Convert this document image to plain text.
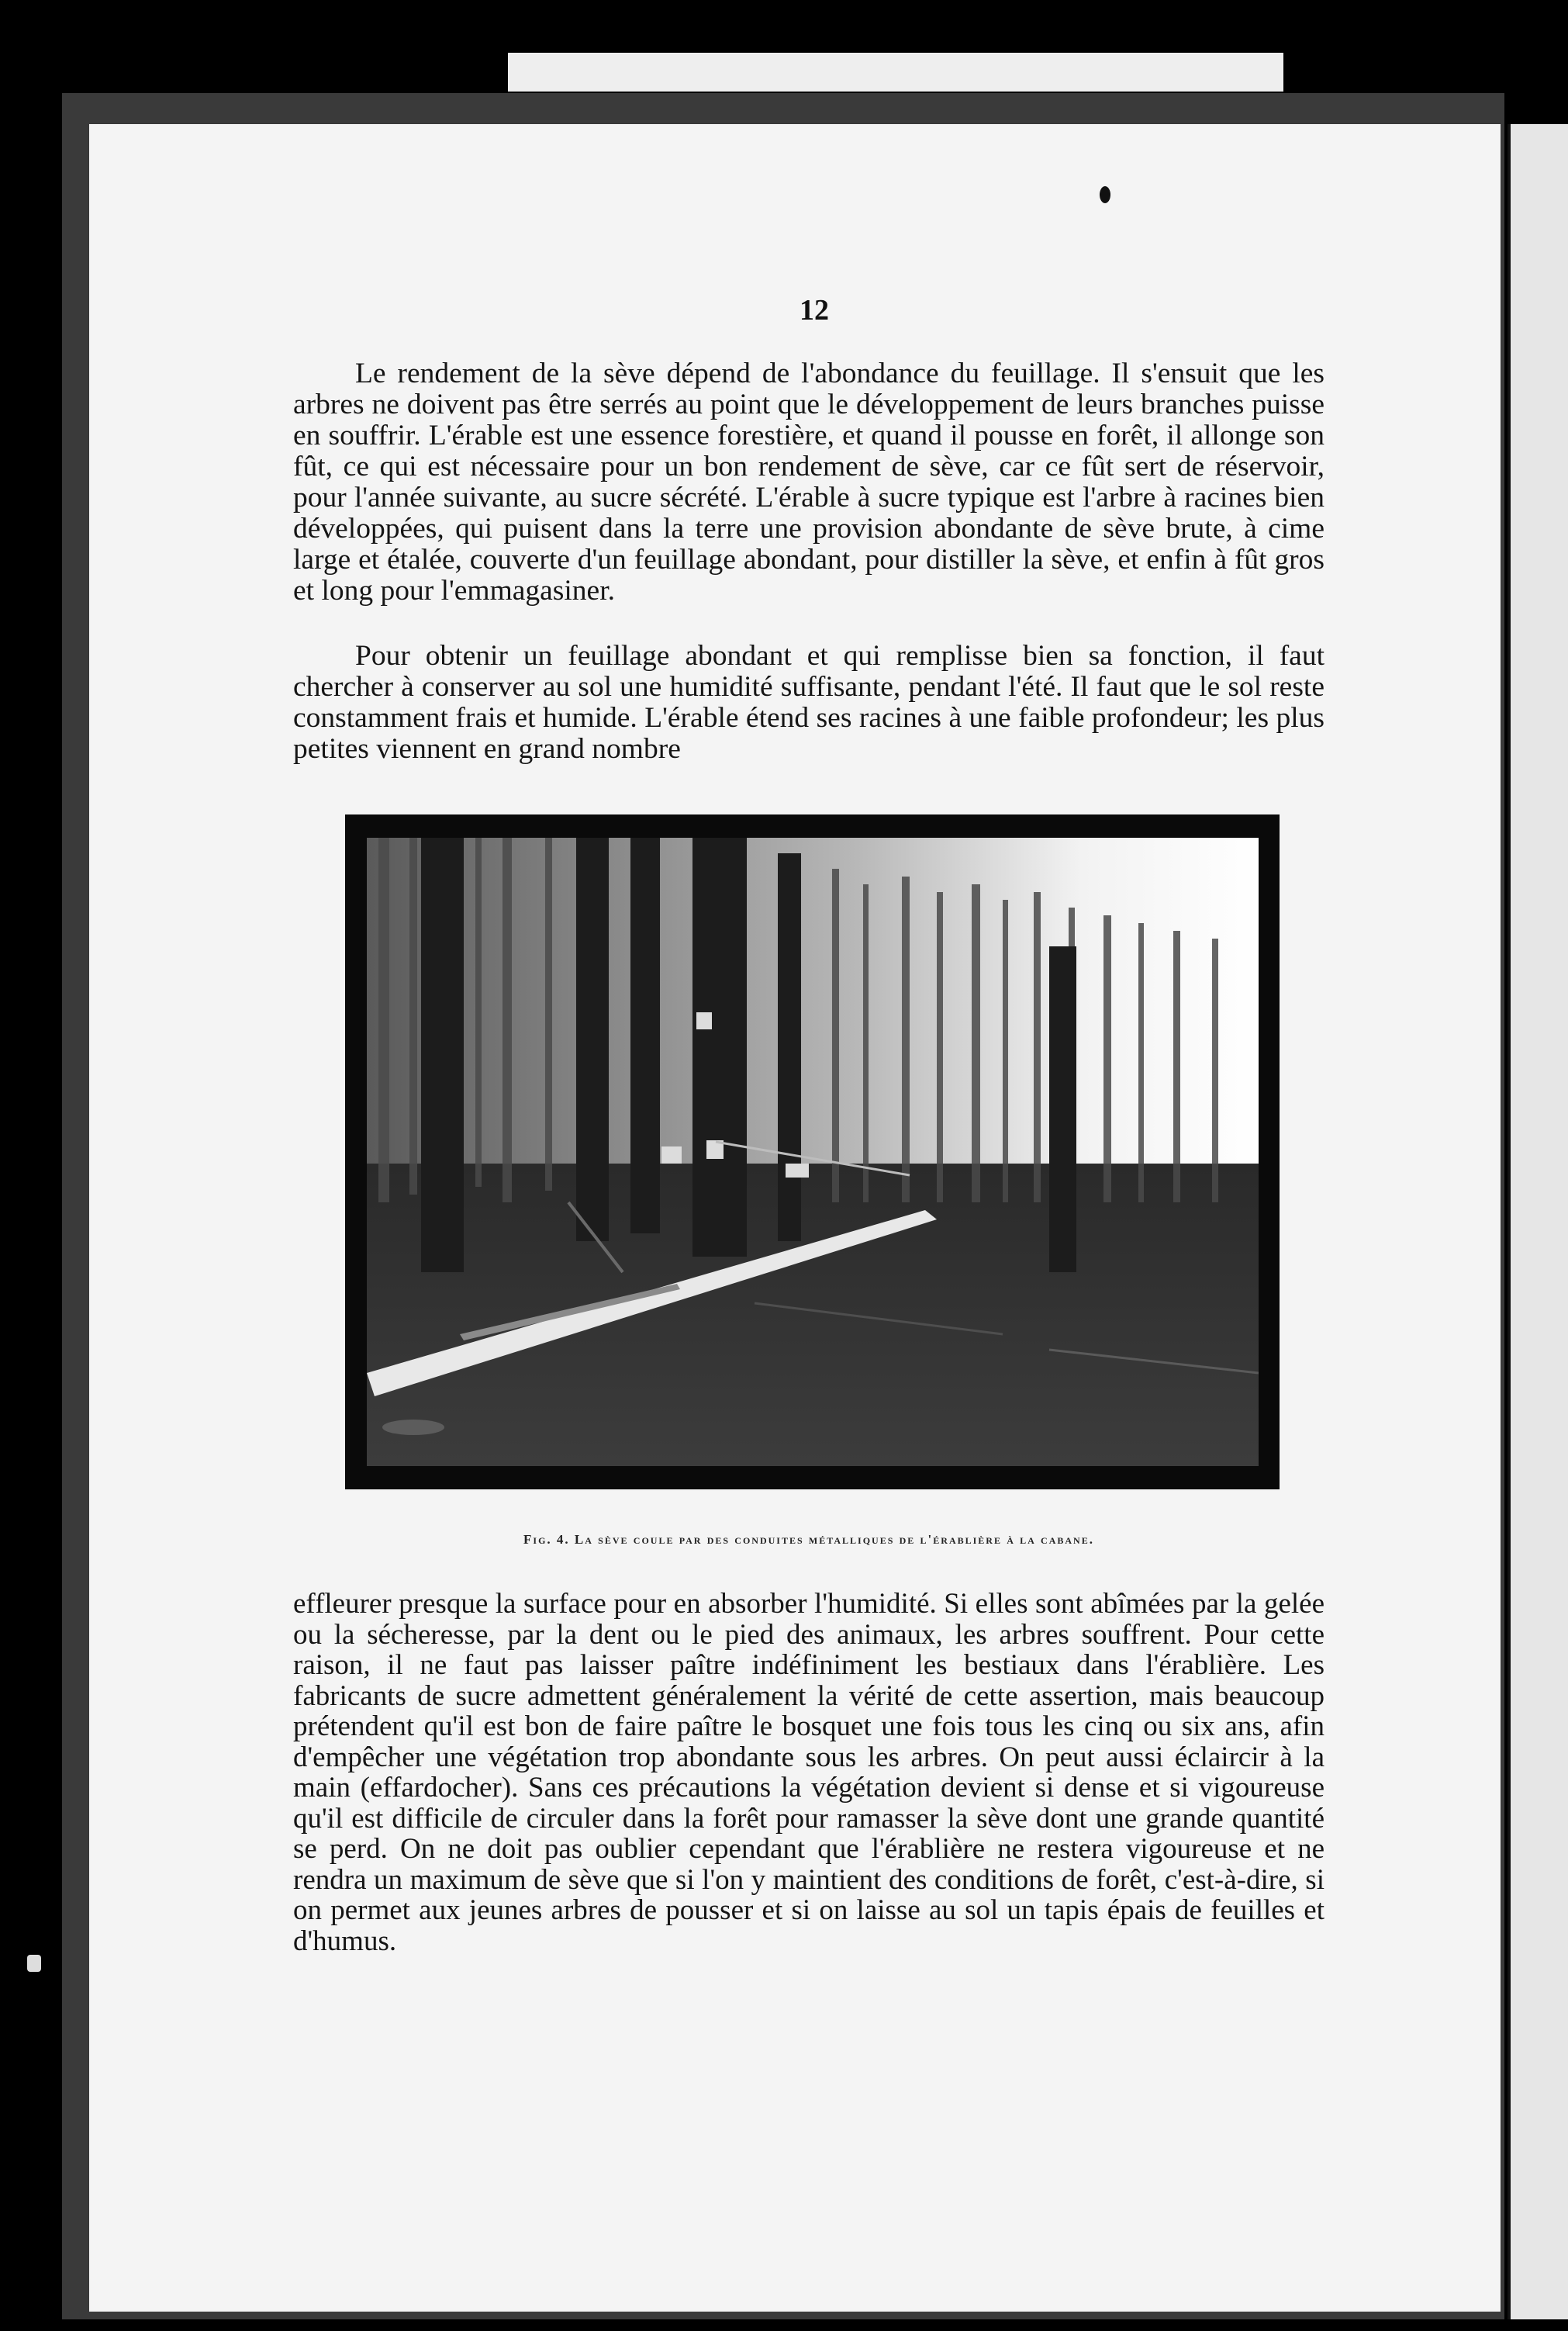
12

Le rendement de la sève dépend de l'abondance du feuillage. Il s'ensuit que les arbres ne doivent pas être serrés au point que le développement de leurs branches puisse en souffrir. L'érable est une essence forestière, et quand il pousse en forêt, il allonge son fût, ce qui est nécessaire pour un bon rendement de sève, car ce fût sert de réservoir, pour l'année suivante, au sucre sécrété. L'érable à sucre typique est l'arbre à racines bien développées, qui puisent dans la terre une provision abondante de sève brute, à cime large et étalée, couverte d'un feuillage abondant, pour distiller la sève, et enfin à fût gros et long pour l'emmagasiner.

Pour obtenir un feuillage abondant et qui remplisse bien sa fonction, il faut chercher à conserver au sol une humidité suffisante, pendant l'été. Il faut que le sol reste constamment frais et humide. L'érable étend ses racines à une faible profondeur; les plus petites viennent en grand nombre

Fig. 4. La sève coule par des conduites métalliques de l'érablière à la cabane.

effleurer presque la surface pour en absorber l'humidité. Si elles sont abîmées par la gelée ou la sécheresse, par la dent ou le pied des animaux, les arbres souffrent. Pour cette raison, il ne faut pas laisser paître indéfiniment les bestiaux dans l'érablière. Les fabricants de sucre admettent généralement la vérité de cette assertion, mais beaucoup prétendent qu'il est bon de faire paître le bosquet une fois tous les cinq ou six ans, afin d'empêcher une végétation trop abondante sous les arbres. On peut aussi éclaircir à la main (effardocher). Sans ces précautions la végétation devient si dense et si vigoureuse qu'il est difficile de circuler dans la forêt pour ramasser la sève dont une grande quantité se perd. On ne doit pas oublier cependant que l'érablière ne restera vigoureuse et ne rendra un maximum de sève que si l'on y maintient des conditions de forêt, c'est-à-dire, si on permet aux jeunes arbres de pousser et si on laisse au sol un tapis épais de feuilles et d'humus.
